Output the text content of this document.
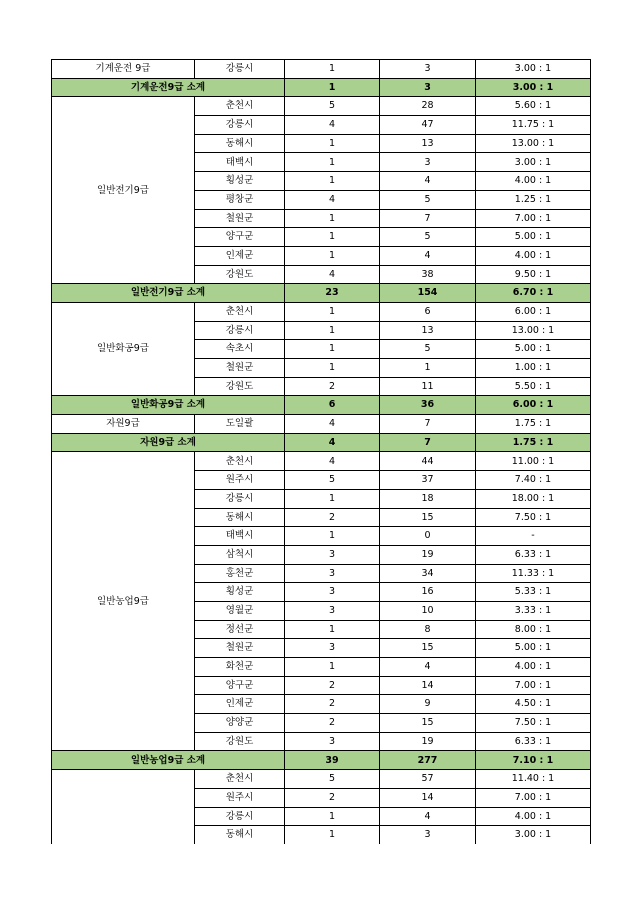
기계운전 9급	강릉시	1	3	3.00 : 1
기계운전9급 소계		1	3	3.00 : 1
일반전기9급	춘천시	5	28	5.60 : 1
	강릉시	4	47	11.75 : 1
	동해시	1	13	13.00 : 1
	태백시	1	3	3.00 : 1
	횡성군	1	4	4.00 : 1
	평창군	4	5	1.25 : 1
	철원군	1	7	7.00 : 1
	양구군	1	5	5.00 : 1
	인제군	1	4	4.00 : 1
	강원도	4	38	9.50 : 1
일반전기9급 소계		23	154	6.70 : 1
일반화공9급	춘천시	1	6	6.00 : 1
	강릉시	1	13	13.00 : 1
	속초시	1	5	5.00 : 1
	철원군	1	1	1.00 : 1
	강원도	2	11	5.50 : 1
일반화공9급 소계		6	36	6.00 : 1
자원9급	도일괄	4	7	1.75 : 1
자원9급 소계		4	7	1.75 : 1
일반농업9급	춘천시	4	44	11.00 : 1
	원주시	5	37	7.40 : 1
	강릉시	1	18	18.00 : 1
	동해시	2	15	7.50 : 1
	태백시	1	0	-
	삼척시	3	19	6.33 : 1
	홍천군	3	34	11.33 : 1
	횡성군	3	16	5.33 : 1
	영월군	3	10	3.33 : 1
	정선군	1	8	8.00 : 1
	철원군	3	15	5.00 : 1
	화천군	1	4	4.00 : 1
	양구군	2	14	7.00 : 1
	인제군	2	9	4.50 : 1
	양양군	2	15	7.50 : 1
	강원도	3	19	6.33 : 1
일반농업9급 소계		39	277	7.10 : 1
	춘천시	5	57	11.40 : 1
	원주시	2	14	7.00 : 1
	강릉시	1	4	4.00 : 1
	동해시	1	3	3.00 : 1
